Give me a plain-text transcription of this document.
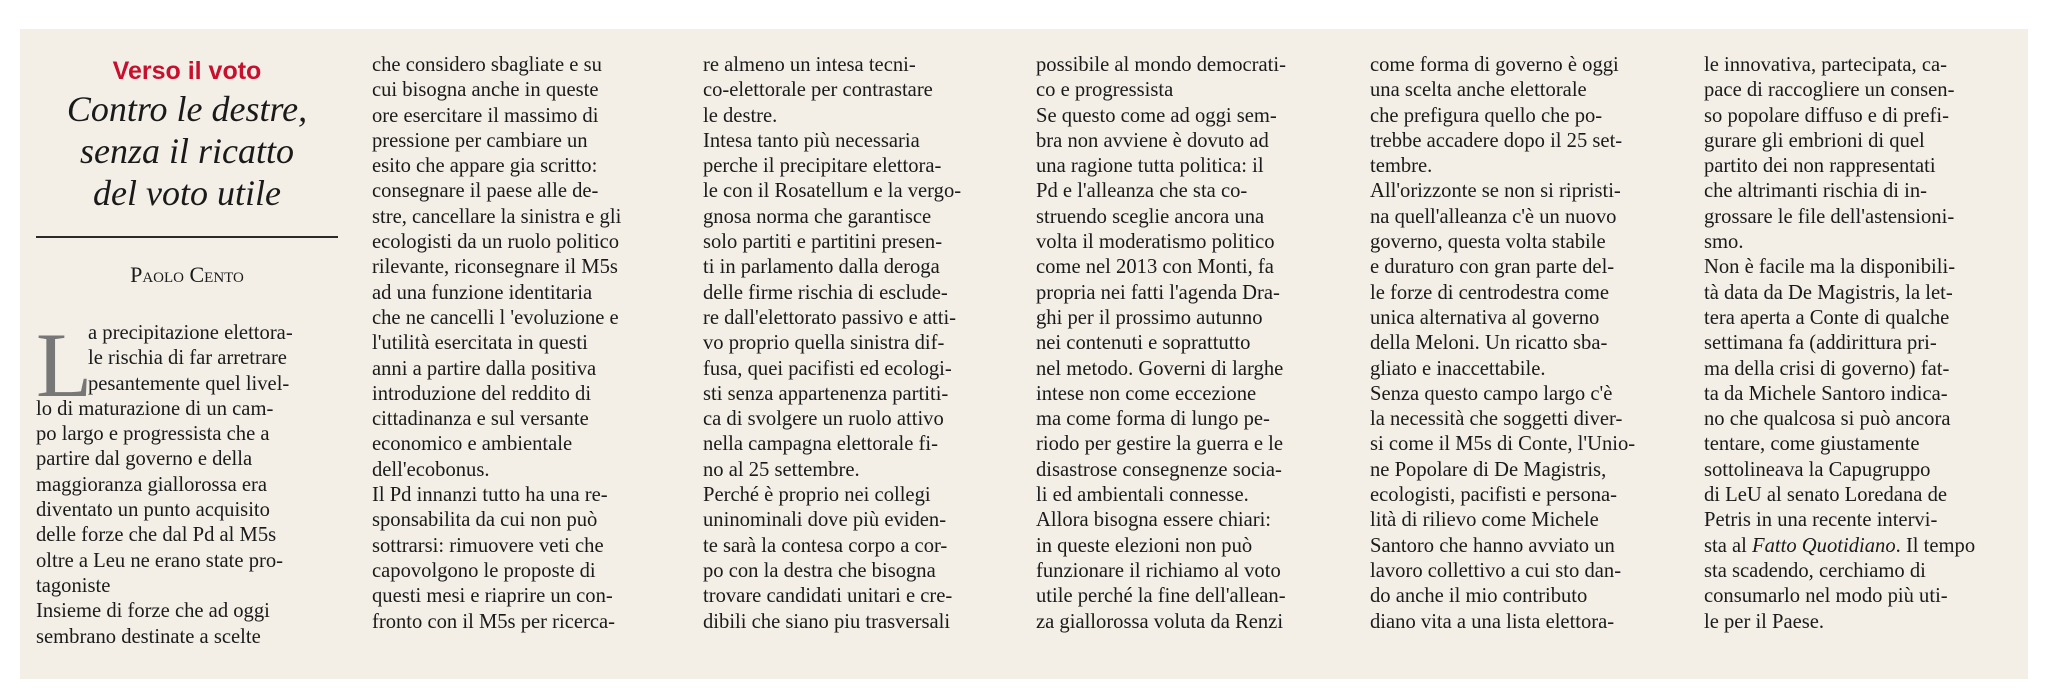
Verso il voto
Contro le destre,
senza il ricatto
del voto utile
Paolo Cento
L

a precipitazione elettora-

le rischia di far arretrare

pesantemente quel livel-

lo di maturazione di un cam-

po largo e progressista che a

partire dal governo e della

maggioranza giallorossa era

diventato un punto acquisito

delle forze che dal Pd al M5s

oltre a Leu ne erano state pro-

tagoniste

Insieme di forze che ad oggi

sembrano destinate a scelte

che considero sbagliate e su

cui bisogna anche in queste

ore esercitare il massimo di

pressione per cambiare un

esito che appare gia scritto:

consegnare il paese alle de-

stre, cancellare la sinistra e gli

ecologisti da un ruolo politico

rilevante, riconsegnare il M5s

ad una funzione identitaria

che ne cancelli l 'evoluzione e

l'utilità esercitata in questi

anni a partire dalla positiva

introduzione del reddito di

cittadinanza e sul versante

economico e ambientale

dell'ecobonus.

Il Pd innanzi tutto ha una re-

sponsabilita da cui non può

sottrarsi: rimuovere veti che

capovolgono le proposte di

questi mesi e riaprire un con-

fronto con il M5s per ricerca-

re almeno un intesa tecni-

co-elettorale per contrastare

le destre.

Intesa tanto più necessaria

perche il precipitare elettora-

le con il Rosatellum e la vergo-

gnosa norma che garantisce

solo partiti e partitini presen-

ti in parlamento dalla deroga

delle firme rischia di esclude-

re dall'elettorato passivo e atti-

vo proprio quella sinistra dif-

fusa, quei pacifisti ed ecologi-

sti senza appartenenza partiti-

ca di svolgere un ruolo attivo

nella campagna elettorale fi-

no al 25 settembre.

Perché è proprio nei collegi

uninominali dove più eviden-

te sarà la contesa corpo a cor-

po con la destra che bisogna

trovare candidati unitari e cre-

dibili che siano piu trasversali

possibile al mondo democrati-

co e progressista

Se questo come ad oggi sem-

bra non avviene è dovuto ad

una ragione tutta politica: il

Pd e l'alleanza che sta co-

struendo sceglie ancora una

volta il moderatismo politico

come nel 2013 con Monti, fa

propria nei fatti l'agenda Dra-

ghi per il prossimo autunno

nei contenuti e soprattutto

nel metodo. Governi di larghe

intese non come eccezione

ma come forma di lungo pe-

riodo per gestire la guerra e le

disastrose consegnenze socia-

li ed ambientali connesse.

Allora bisogna essere chiari:

in queste elezioni non può

funzionare il richiamo al voto

utile perché la fine dell'allean-

za giallorossa voluta da Renzi

come forma di governo è oggi

una scelta anche elettorale

che prefigura quello che po-

trebbe accadere dopo il 25 set-

tembre.

All'orizzonte se non si ripristi-

na quell'alleanza c'è un nuovo

governo, questa volta stabile

e duraturo con gran parte del-

le forze di centrodestra come

unica alternativa al governo

della Meloni. Un ricatto sba-

gliato e inaccettabile.

Senza questo campo largo c'è

la necessità che soggetti diver-

si come il M5s di Conte, l'Unio-

ne Popolare di De Magistris,

ecologisti, pacifisti e persona-

lità di rilievo come Michele

Santoro che hanno avviato un

lavoro collettivo a cui sto dan-

do anche il mio contributo

diano vita a una lista elettora-

le innovativa, partecipata, ca-

pace di raccogliere un consen-

so popolare diffuso e di prefi-

gurare gli embrioni di quel

partito dei non rappresentati

che altrimanti rischia di in-

grossare le file dell'astensioni-

smo.

Non è facile ma la disponibili-

tà data da De Magistris, la let-

tera aperta a Conte di qualche

settimana fa (addirittura pri-

ma della crisi di governo) fat-

ta da Michele Santoro indica-

no che qualcosa si può ancora

tentare, come giustamente

sottolineava la Capugruppo

di LeU al senato Loredana de

Petris in una recente intervi-

sta al Fatto Quotidiano. Il tempo

sta scadendo, cerchiamo di

consumarlo nel modo più uti-

le per il Paese.
